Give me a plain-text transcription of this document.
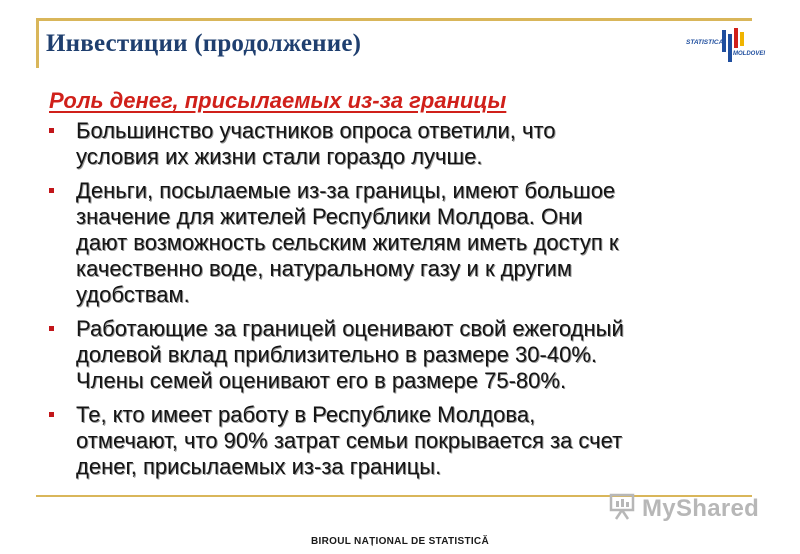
Инвестиции (продолжение)	STATISTICA
MOLDOVEI
Роль денег, присылаемых из-за границы
Большинство участников опроса ответили, что
условия их жизни стали гораздо лучше.
Деньги, посылаемые из-за границы, имеют большое
значение для жителей Республики Молдова. Они
дают возможность сельским жителям иметь доступ к
качественно воде, натуральному газу и к другим
удобствам.
Работающие за границей оценивают свой ежегодный
долевой вклад приблизительно в размере 30-40%.
Члены семей оценивают его в размере 75-80%.
Те, кто имеет работу в Республике Молдова,
отмечают, что 90% затрат семьи покрывается за счет
денег, присылаемых из-за границы.
MyShared
BIROUL NAȚIONAL DE STATISTICĂ
